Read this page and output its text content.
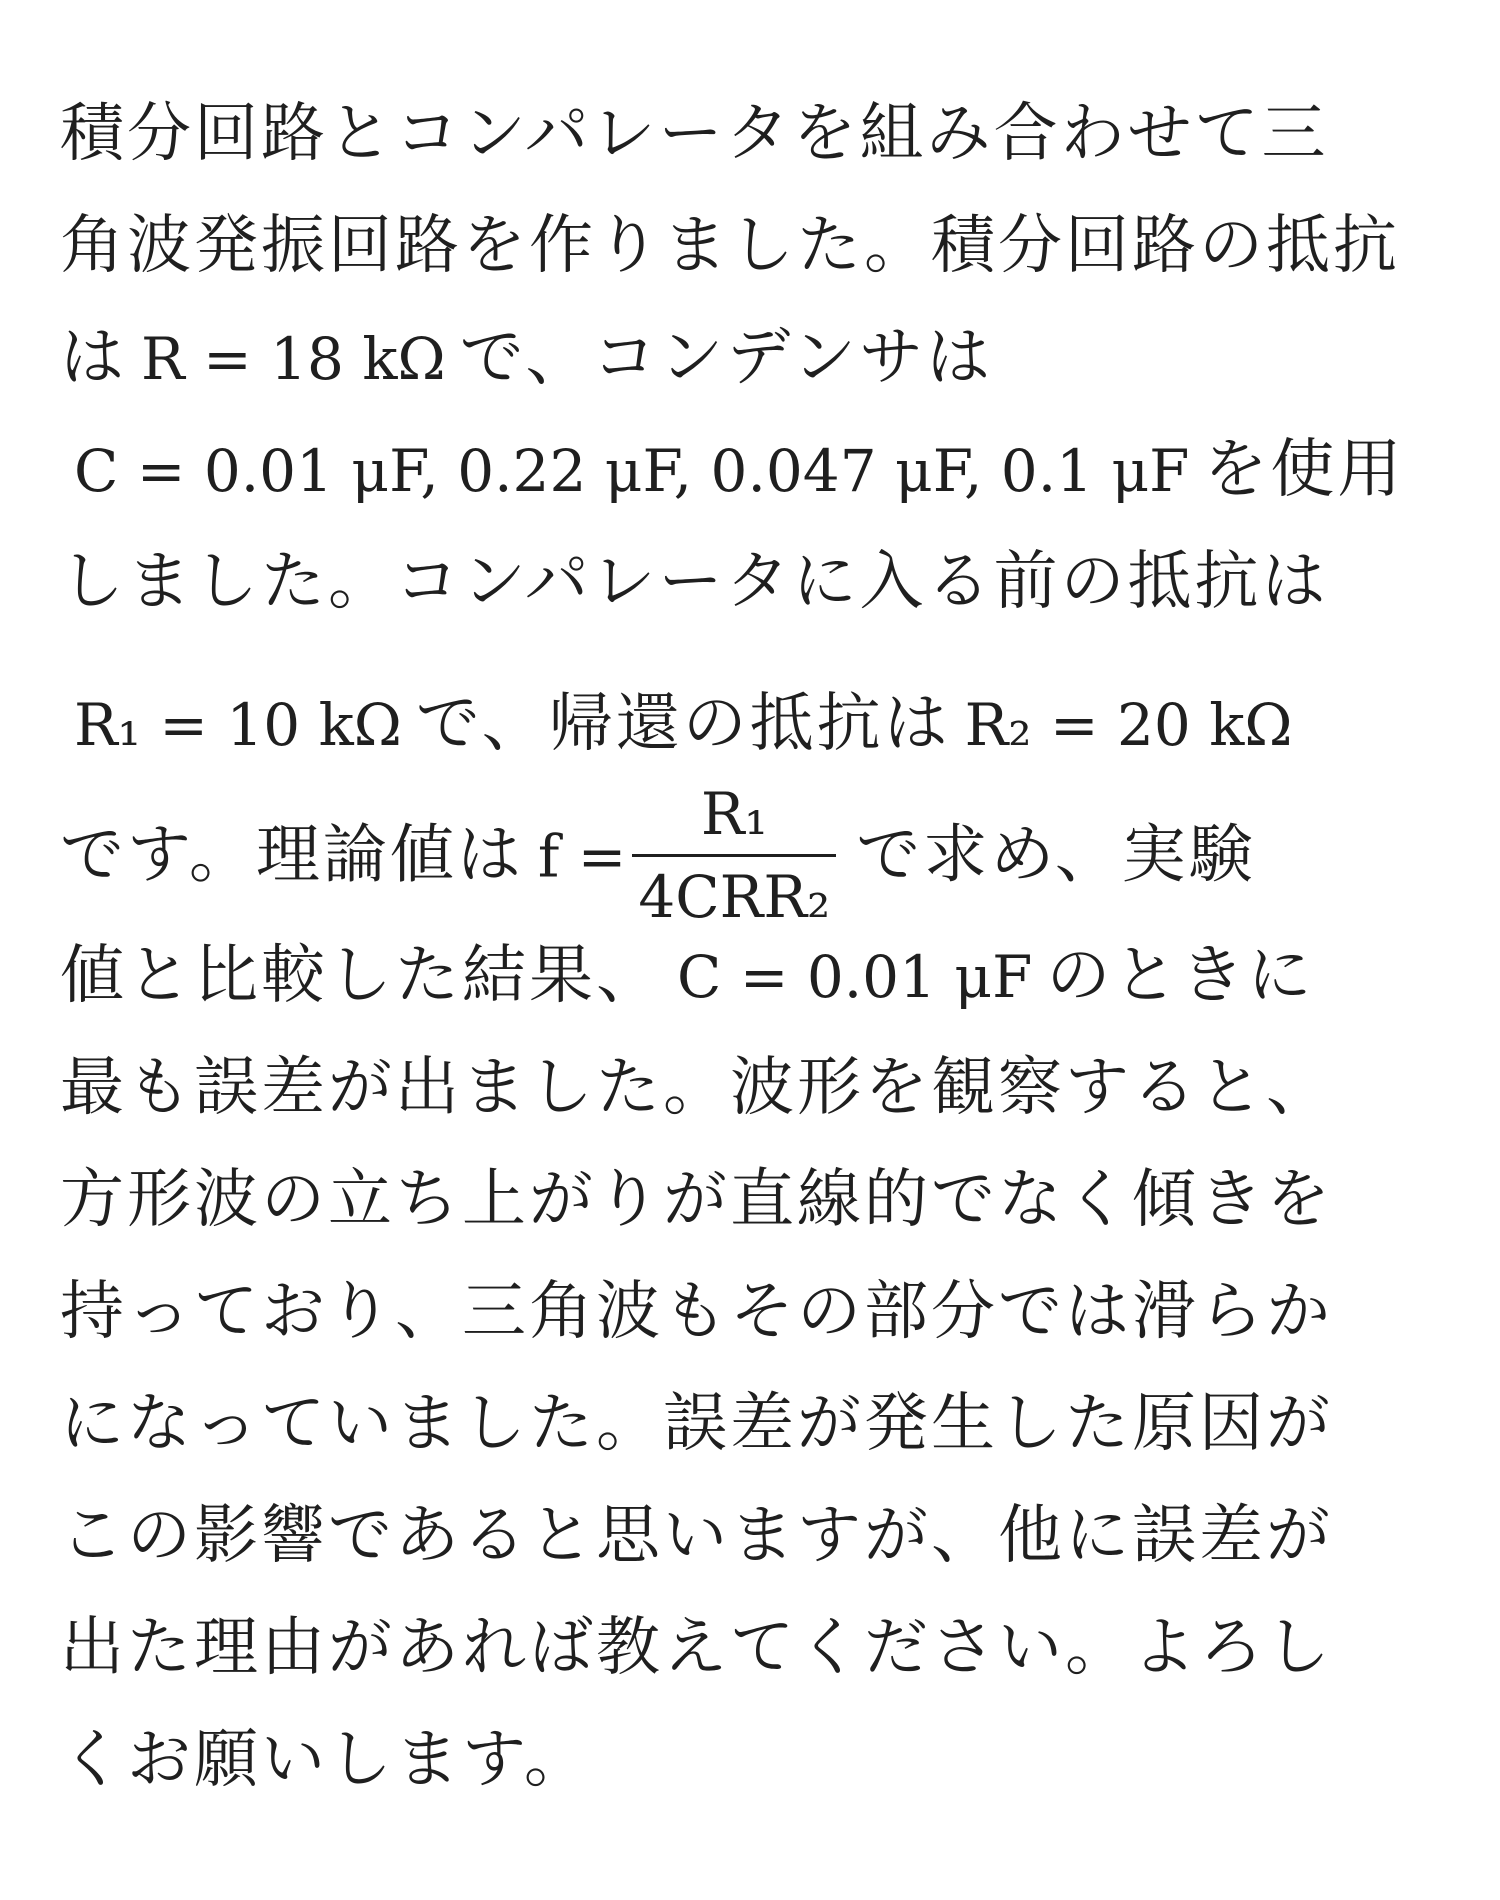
積分回路とコンパレータを組み合わせて三
角波発振回路を作りました。積分回路の抵抗
は R = 18 kΩ で、コンデンサは
C = 0.01 μF, 0.22 μF, 0.047 μF, 0.1 μF を使用
しました。コンパレータに入る前の抵抗は
R₁ = 10 kΩ で、帰還の抵抗は R₂ = 20 kΩ
です。理論値は $f = \frac{\text{R₁}}{\text{4CRR₂}}$ で求め、実験
値と比較した結果、 C = 0.01 μF のときに
最も誤差が出ました。波形を観察すると、
方形波の立ち上がりが直線的でなく傾きを
持っており、三角波もその部分では滑らか
になっていました。誤差が発生した原因が
この影響であると思いますが、他に誤差が
出た理由があれば教えてください。よろし
くお願いします。
